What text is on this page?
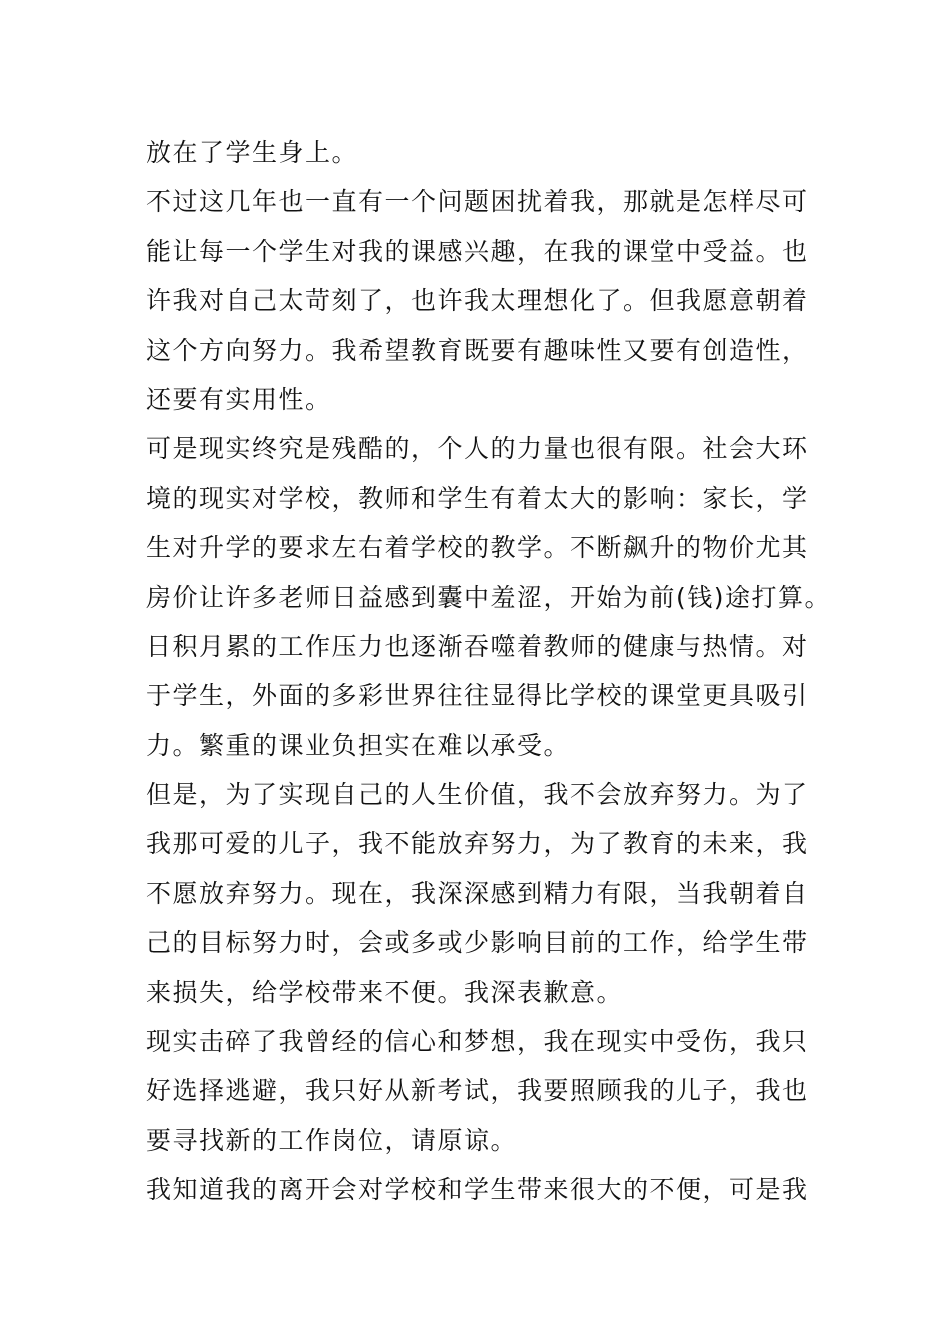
放在了学生身上。
不过这几年也一直有一个问题困扰着我，那就是怎样尽可
能让每一个学生对我的课感兴趣，在我的课堂中受益。也
许我对自己太苛刻了，也许我太理想化了。但我愿意朝着
这个方向努力。我希望教育既要有趣味性又要有创造性，
还要有实用性。
可是现实终究是残酷的，个人的力量也很有限。社会大环
境的现实对学校，教师和学生有着太大的影响：家长，学
生对升学的要求左右着学校的教学。不断飙升的物价尤其
房价让许多老师日益感到囊中羞涩，开始为前(钱)途打算。
日积月累的工作压力也逐渐吞噬着教师的健康与热情。对
于学生，外面的多彩世界往往显得比学校的课堂更具吸引
力。繁重的课业负担实在难以承受。
但是，为了实现自己的人生价值，我不会放弃努力。为了
我那可爱的儿子，我不能放弃努力，为了教育的未来，我
不愿放弃努力。现在，我深深感到精力有限，当我朝着自
己的目标努力时，会或多或少影响目前的工作，给学生带
来损失，给学校带来不便。我深表歉意。
现实击碎了我曾经的信心和梦想，我在现实中受伤，我只
好选择逃避，我只好从新考试，我要照顾我的儿子，我也
要寻找新的工作岗位，请原谅。
我知道我的离开会对学校和学生带来很大的不便，可是我
